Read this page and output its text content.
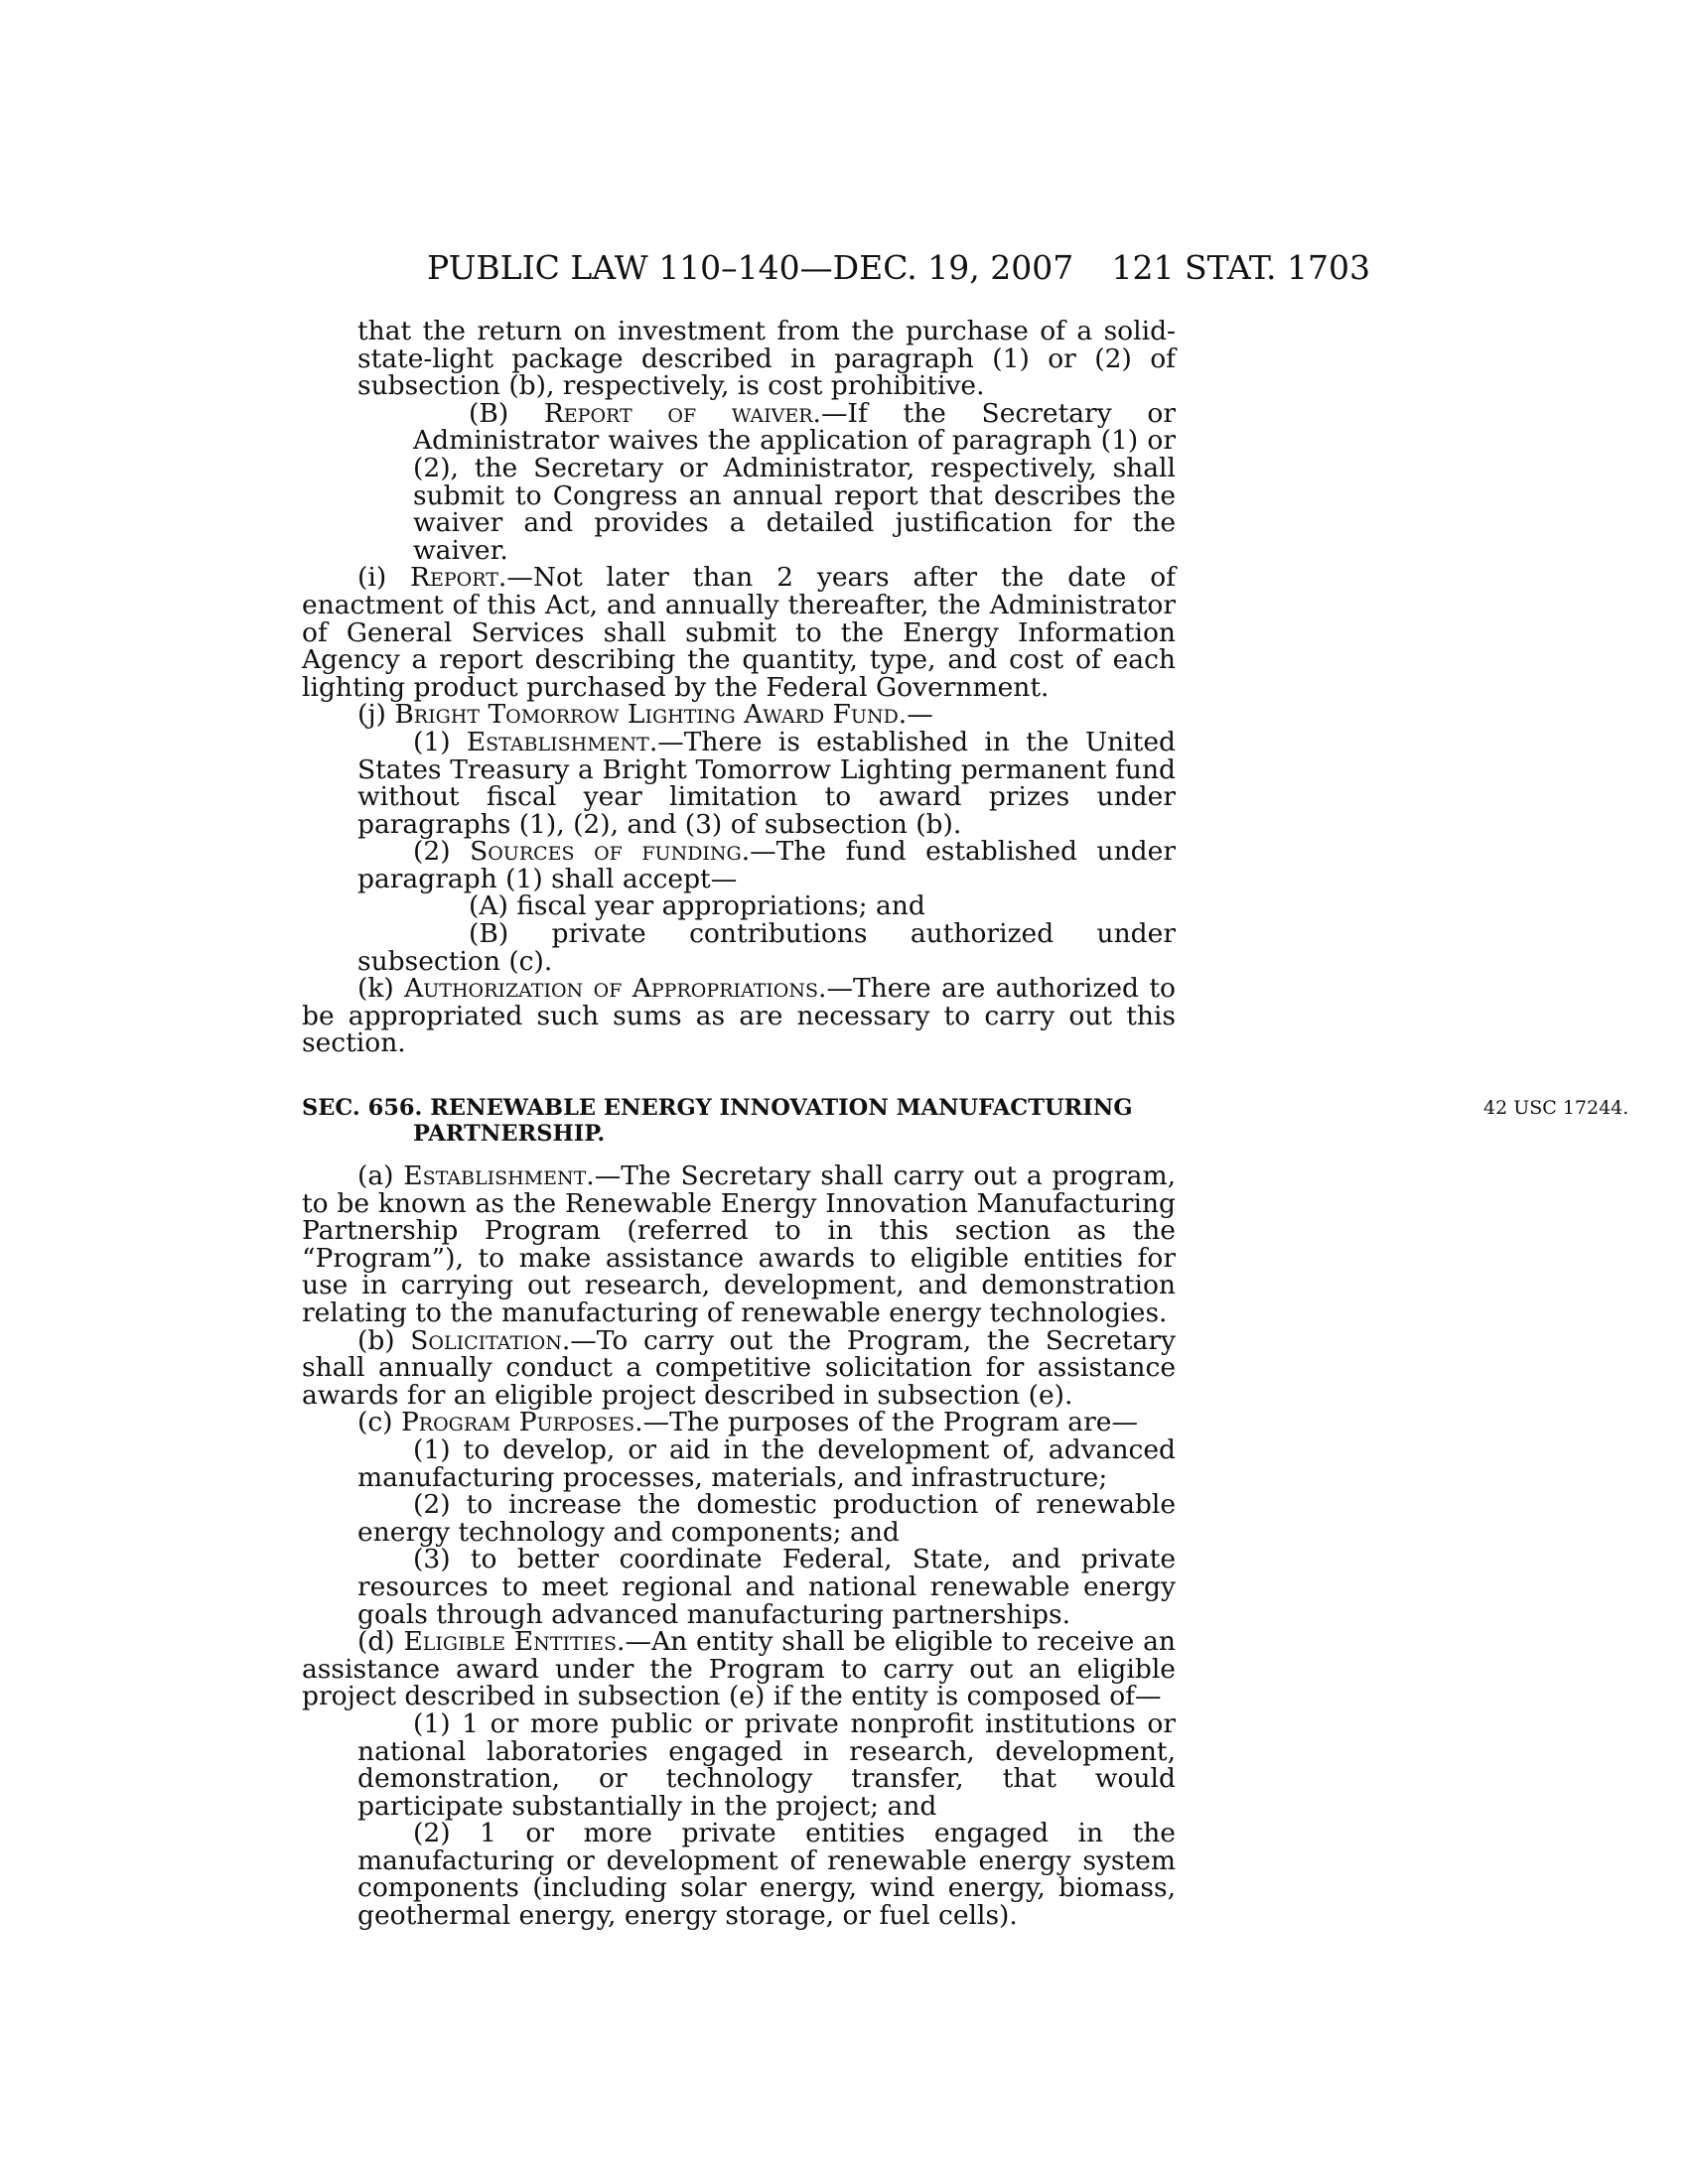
PUBLIC LAW 110–140—DEC. 19, 2007 121 STAT. 1703

that the return on investment from the purchase of a solid-state-light package described in paragraph (1) or (2) of subsection (b), respectively, is cost prohibitive.

(B) Report of waiver.—If the Secretary or Administrator waives the application of paragraph (1) or (2), the Secretary or Administrator, respectively, shall submit to Congress an annual report that describes the waiver and provides a detailed justification for the waiver.

(i) Report.—Not later than 2 years after the date of enactment of this Act, and annually thereafter, the Administrator of General Services shall submit to the Energy Information Agency a report describing the quantity, type, and cost of each lighting product purchased by the Federal Government.

(j) Bright Tomorrow Lighting Award Fund.—

(1) Establishment.—There is established in the United States Treasury a Bright Tomorrow Lighting permanent fund without fiscal year limitation to award prizes under paragraphs (1), (2), and (3) of subsection (b).

(2) Sources of funding.—The fund established under paragraph (1) shall accept—

(A) fiscal year appropriations; and

(B) private contributions authorized under subsection (c).

(k) Authorization of Appropriations.—There are authorized to be appropriated such sums as are necessary to carry out this section.

SEC. 656. RENEWABLE ENERGY INNOVATION MANUFACTURING PARTNERSHIP.
42 USC 17244.

(a) Establishment.—The Secretary shall carry out a program, to be known as the Renewable Energy Innovation Manufacturing Partnership Program (referred to in this section as the “Program”), to make assistance awards to eligible entities for use in carrying out research, development, and demonstration relating to the manufacturing of renewable energy technologies.

(b) Solicitation.—To carry out the Program, the Secretary shall annually conduct a competitive solicitation for assistance awards for an eligible project described in subsection (e).

(c) Program Purposes.—The purposes of the Program are—

(1) to develop, or aid in the development of, advanced manufacturing processes, materials, and infrastructure;

(2) to increase the domestic production of renewable energy technology and components; and

(3) to better coordinate Federal, State, and private resources to meet regional and national renewable energy goals through advanced manufacturing partnerships.

(d) Eligible Entities.—An entity shall be eligible to receive an assistance award under the Program to carry out an eligible project described in subsection (e) if the entity is composed of—

(1) 1 or more public or private nonprofit institutions or national laboratories engaged in research, development, demonstration, or technology transfer, that would participate substantially in the project; and

(2) 1 or more private entities engaged in the manufacturing or development of renewable energy system components (including solar energy, wind energy, biomass, geothermal energy, energy storage, or fuel cells).
